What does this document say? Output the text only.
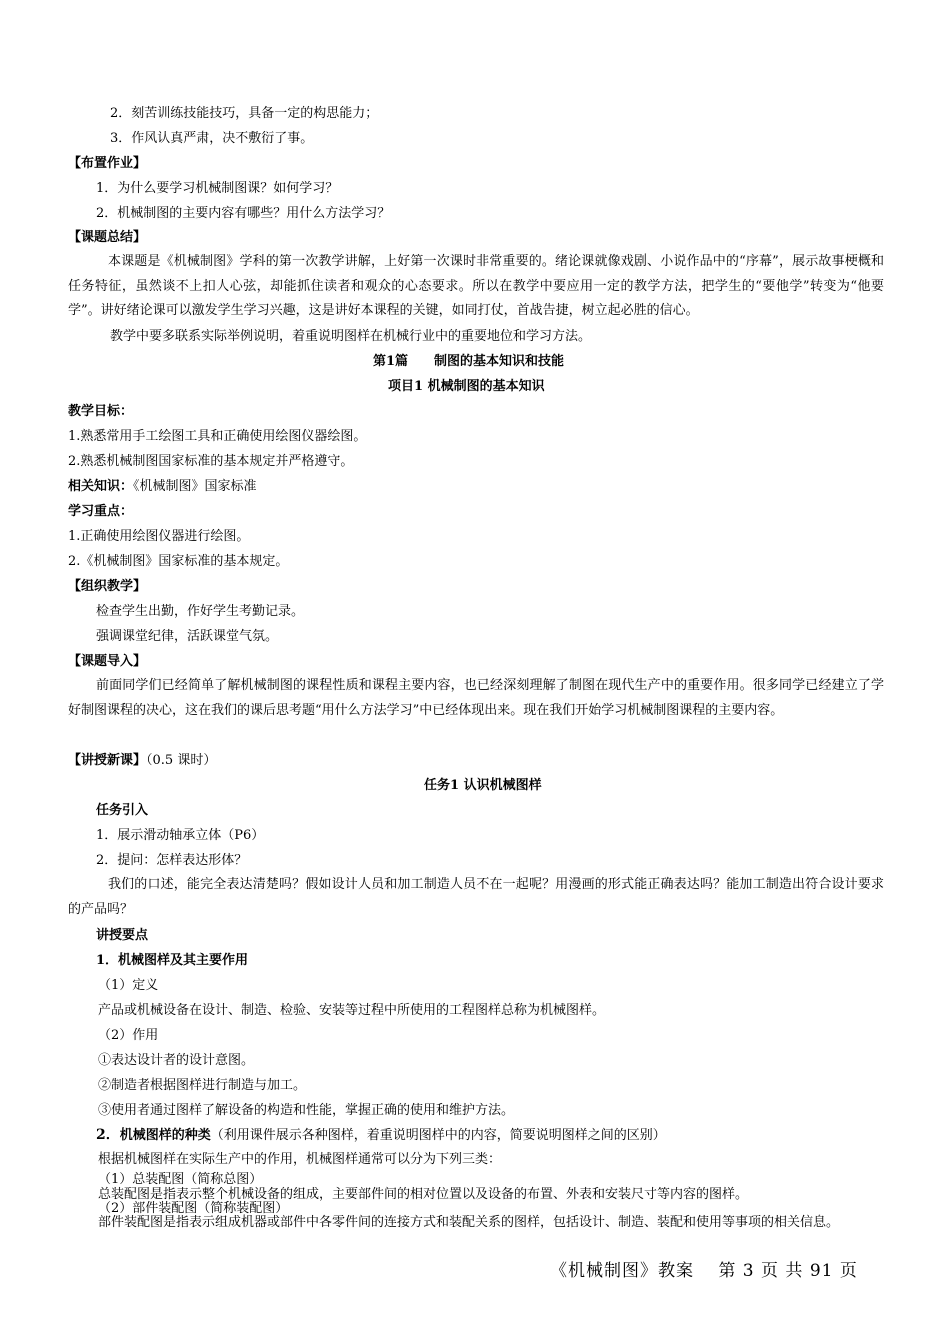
2．刻苦训练技能技巧，具备一定的构思能力；
3．作风认真严肃，决不敷衍了事。
【布置作业】
1．为什么要学习机械制图课？如何学习？
2．机械制图的主要内容有哪些？用什么方法学习？
【课题总结】
本课题是《机械制图》学科的第一次教学讲解，上好第一次课时非常重要的。绪论课就像戏剧、小说作品中的“序幕”，展示故事梗概和任务特征，虽然谈不上扣人心弦，却能抓住读者和观众的心态要求。所以在教学中要应用一定的教学方法，把学生的“要他学”转变为“他要学”。讲好绪论课可以激发学生学习兴趣，这是讲好本课程的关键，如同打仗，首战告捷，树立起必胜的信心。
教学中要多联系实际举例说明，着重说明图样在机械行业中的重要地位和学习方法。
第1篇　　制图的基本知识和技能
项目1 机械制图的基本知识
教学目标：
1.熟悉常用手工绘图工具和正确使用绘图仪器绘图。
2.熟悉机械制图国家标准的基本规定并严格遵守。
相关知识：《机械制图》国家标准
学习重点：
1.正确使用绘图仪器进行绘图。
2.《机械制图》国家标准的基本规定。
【组织教学】
检查学生出勤，作好学生考勤记录。
强调课堂纪律，活跃课堂气氛。
【课题导入】
前面同学们已经简单了解机械制图的课程性质和课程主要内容，也已经深刻理解了制图在现代生产中的重要作用。很多同学已经建立了学好制图课程的决心，这在我们的课后思考题“用什么方法学习”中已经体现出来。现在我们开始学习机械制图课程的主要内容。
【讲授新课】（0.5 课时）
任务1 认识机械图样
任务引入
1．展示滑动轴承立体（P6）
2．提问：怎样表达形体？
我们的口述，能完全表达清楚吗？假如设计人员和加工制造人员不在一起呢？用漫画的形式能正确表达吗？能加工制造出符合设计要求的产品吗？
讲授要点
1．机械图样及其主要作用
（1）定义
产品或机械设备在设计、制造、检验、安装等过程中所使用的工程图样总称为机械图样。
（2）作用
①表达设计者的设计意图。
②制造者根据图样进行制造与加工。
③使用者通过图样了解设备的构造和性能，掌握正确的使用和维护方法。
2．机械图样的种类（利用课件展示各种图样，着重说明图样中的内容，简要说明图样之间的区别）
根据机械图样在实际生产中的作用，机械图样通常可以分为下列三类：
（1）总装配图（简称总图）
总装配图是指表示整个机械设备的组成，主要部件间的相对位置以及设备的布置、外表和安装尺寸等内容的图样。
（2）部件装配图（简称装配图）
部件装配图是指表示组成机器或部件中各零件间的连接方式和装配关系的图样，包括设计、制造、装配和使用等事项的相关信息。
《机械制图》教案　 第 3 页 共 91 页
